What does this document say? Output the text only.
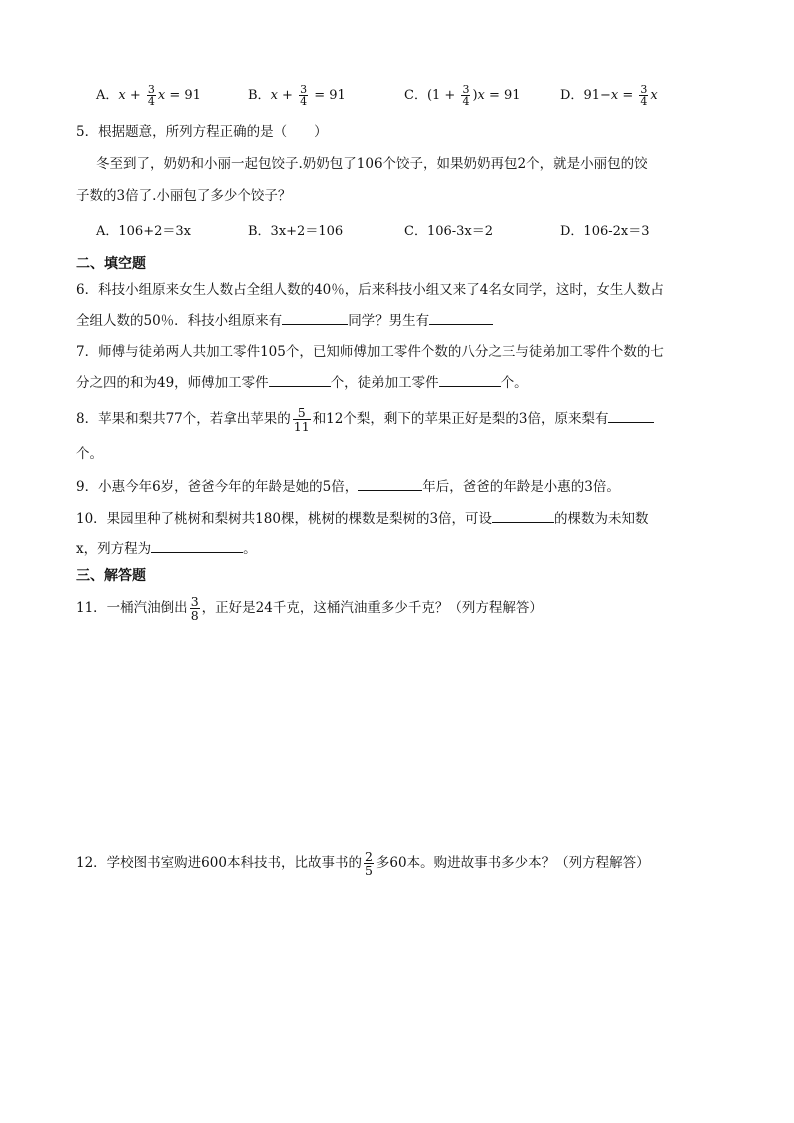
A．$x + \frac{3}{4}$ x = 91	B．$x + \frac{3}{4} = 91$	C．$(1 + \frac{3}{4} )x = 91$	D．$91-x = \frac{3}{4}$ x
5．根据题意，所列方程正确的是（　　）
冬至到了，奶奶和小丽一起包饺子.奶奶包了106个饺子，如果奶奶再包2个，就是小丽包的饺
子数的3倍了.小丽包了多少个饺子？
A．106+2＝3x	B．3x+2＝106	C．106-3x＝2	D．106-2x＝3
二、填空题
6．科技小组原来女生人数占全组人数的40％，后来科技小组又来了4名女同学，这时，女生人数占
全组人数的50％．科技小组原来有	同学？男生有
7．师傅与徒弟两人共加工零件105个，已知师傅加工零件个数的八分之三与徒弟加工零件个数的七
分之四的和为49，师傅加工零件	个，徒弟加工零件	个。
8．苹果和梨共77个，若拿出苹果的 $\frac{5}{11}$ 和12个梨，剩下的苹果正好是梨的3倍，原来梨有
个。
9．小惠今年6岁，爸爸今年的年龄是她的5倍，	年后，爸爸的年龄是小惠的3倍。
10．果园里种了桃树和梨树共180棵，桃树的棵数是梨树的3倍，可设	的棵数为未知数
x，列方程为	。
三、解答题
11．一桶汽油倒出 $\frac{3}{8}$ ，正好是24千克，这桶汽油重多少千克？（列方程解答）
12．学校图书室购进600本科技书，比故事书的 $\frac{2}{5}$ 多60本。购进故事书多少本？（列方程解答）
